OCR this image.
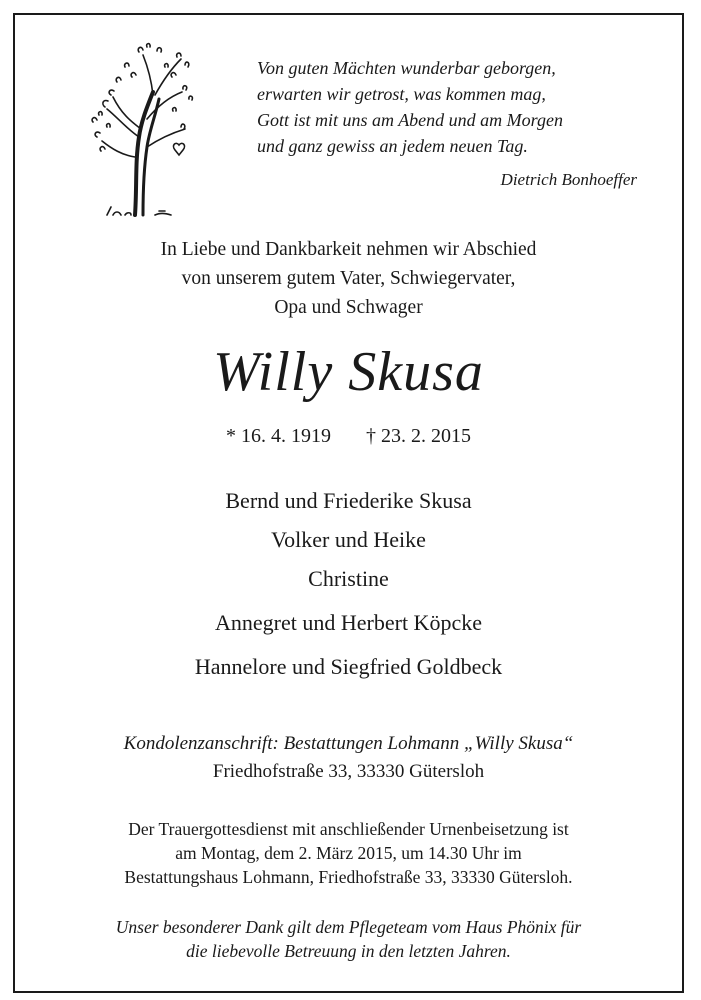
Von guten Mächten wunderbar geborgen,
erwarten wir getrost, was kommen mag,
Gott ist mit uns am Abend und am Morgen
und ganz gewiss an jedem neuen Tag.
Dietrich Bonhoeffer
In Liebe und Dankbarkeit nehmen wir Abschied
von unserem gutem Vater, Schwiegervater,
Opa und Schwager
Willy Skusa
* 16. 4. 1919 † 23. 2. 2015
Bernd und Friederike Skusa
Volker und Heike
Christine
Annegret und Herbert Köpcke
Hannelore und Siegfried Goldbeck
Kondolenzanschrift: Bestattungen Lohmann „Willy Skusa“
Friedhofstraße 33, 33330 Gütersloh
Der Trauergottesdienst mit anschließender Urnenbeisetzung ist
am Montag, dem 2. März 2015, um 14.30 Uhr im
Bestattungshaus Lohmann, Friedhofstraße 33, 33330 Gütersloh.
Unser besonderer Dank gilt dem Pflegeteam vom Haus Phönix für
die liebevolle Betreuung in den letzten Jahren.
